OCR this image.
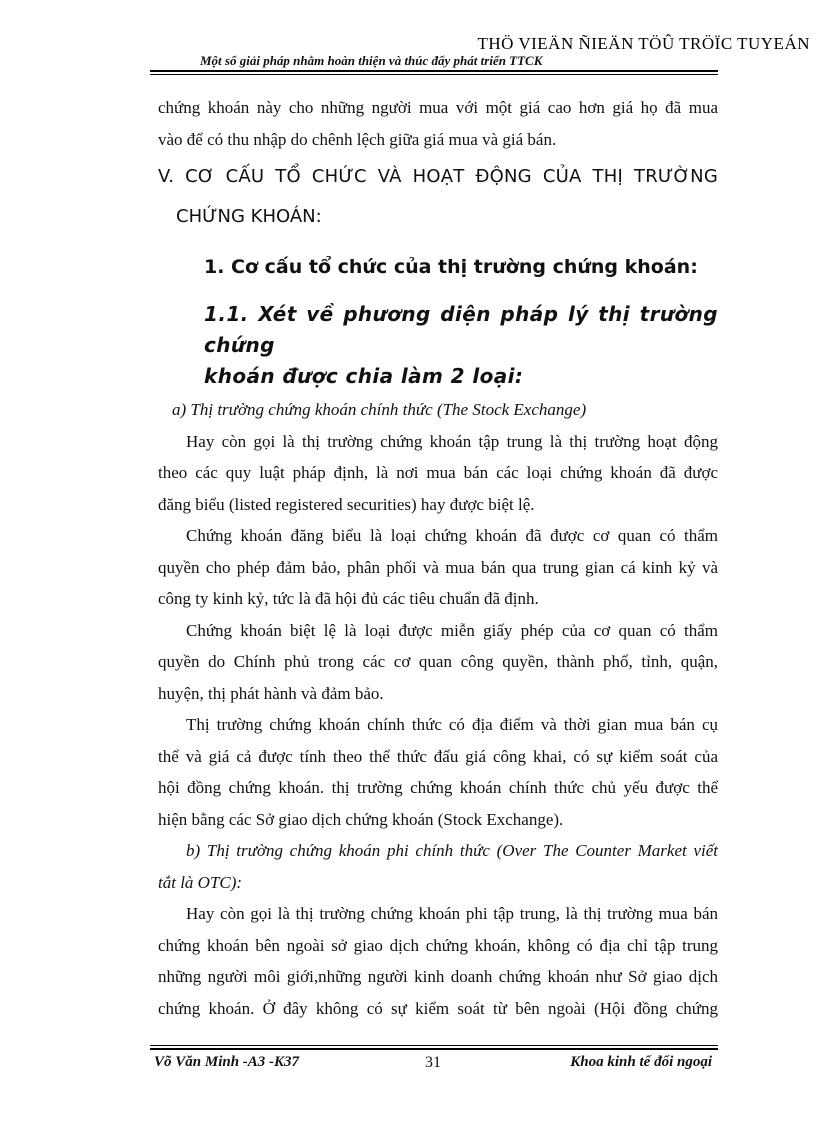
THÖ VIEÄN ÑIEÄN TÖÛ TRÖÏC TUYEÁN
Một số giải pháp nhằm hoàn thiện và thúc đẩy phát triển TTCK

chứng khoán này cho những người mua với một giá cao hơn giá họ đã mua

vào để có thu nhập do chênh lệch giữa giá mua và giá bán.

V. CƠ CẤU TỔ CHỨC VÀ HOẠT ĐỘNG CỦA THỊ TRƯỜNG
CHỨNG KHOÁN:
1. Cơ cấu tổ chức của thị trường chứng khoán:
1.1. Xét về phương diện pháp lý thị trường chứng
khoán được chia làm 2 loại:

a) Thị trường chứng khoán chính thức (The Stock Exchange)

Hay còn gọi là thị trường chứng khoán tập trung là thị trường hoạt động

theo các quy luật pháp định, là nơi mua bán các loại chứng khoán đã được

đăng biểu (listed registered securities) hay được biệt lệ.

Chứng khoán đăng biểu là loại chứng khoán đã được cơ quan có thẩm

quyền cho phép đảm bảo, phân phối và mua bán qua trung gian cá kinh kỷ và

công ty kinh kỷ, tức là đã hội đủ các tiêu chuẩn đã định.

Chứng khoán biệt lệ là loại được miễn giấy phép của cơ quan có thẩm

quyền do Chính phủ trong các cơ quan công quyền, thành phố, tỉnh, quận,

huyện, thị phát hành và đảm bảo.

Thị trường chứng khoán chính thức có địa điểm và thời gian mua bán cụ

thể và giá cả được tính theo thể thức đấu giá công khai, có sự kiểm soát của

hội đồng chứng khoán. thị trường chứng khoán chính thức chủ yếu được thể

hiện bằng các Sở giao dịch chứng khoán (Stock Exchange).

b) Thị trường chứng khoán phi chính thức (Over The Counter Market viết

tắt là OTC):

Hay còn gọi là thị trường chứng khoán phi tập trung, là thị trường mua bán

chứng khoán bên ngoài sở giao dịch chứng khoán, không có địa chỉ tập trung

những người môi giới,những người kinh doanh chứng khoán như Sở giao dịch

chứng khoán. Ở đây không có sự kiểm soát từ bên ngoài (Hội đồng chứng

Võ Văn Minh -A3 -K37	31	Khoa kinh tế đối ngoại
